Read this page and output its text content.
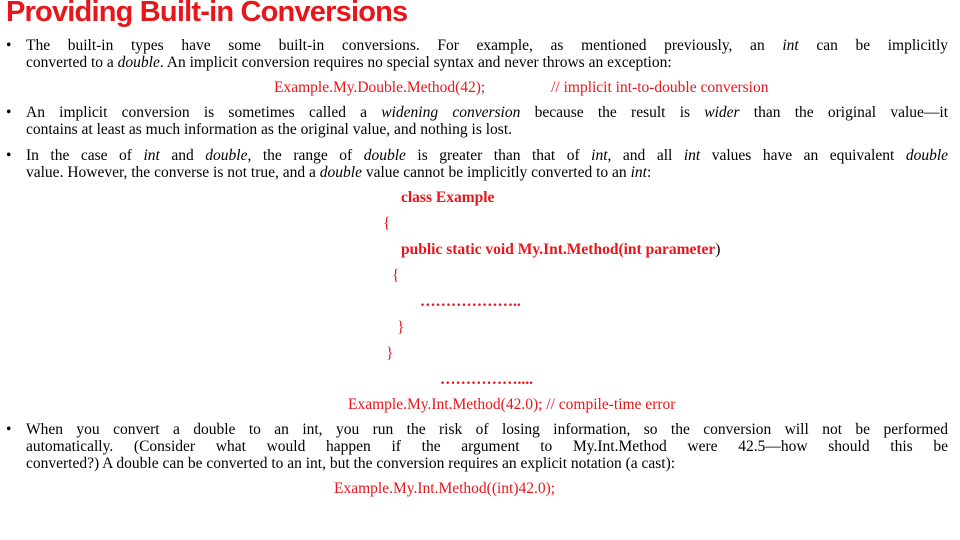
Providing Built-in Conversions
• The built-in types have some built-in conversions. For example, as mentioned previously, an int can be implicitly
converted to a double. An implicit conversion requires no special syntax and never throws an exception:
Example.My.Double.Method(42);	// implicit int-to-double conversion
• An implicit conversion is sometimes called a widening conversion because the result is wider than the original value—it
contains at least as much information as the original value, and nothing is lost.
• In the case of int and double, the range of double is greater than that of int, and all int values have an equivalent double
value. However, the converse is not true, and a double value cannot be implicitly converted to an int:
class Example
{
public static void My.Int.Method(int parameter)
{
………………..
}
}
……………....
Example.My.Int.Method(42.0); // compile-time error
• When you convert a double to an int, you run the risk of losing information, so the conversion will not be performed
automatically. (Consider what would happen if the argument to My.Int.Method were 42.5—how should this be
converted?) A double can be converted to an int, but the conversion requires an explicit notation (a cast):
Example.My.Int.Method((int)42.0);
